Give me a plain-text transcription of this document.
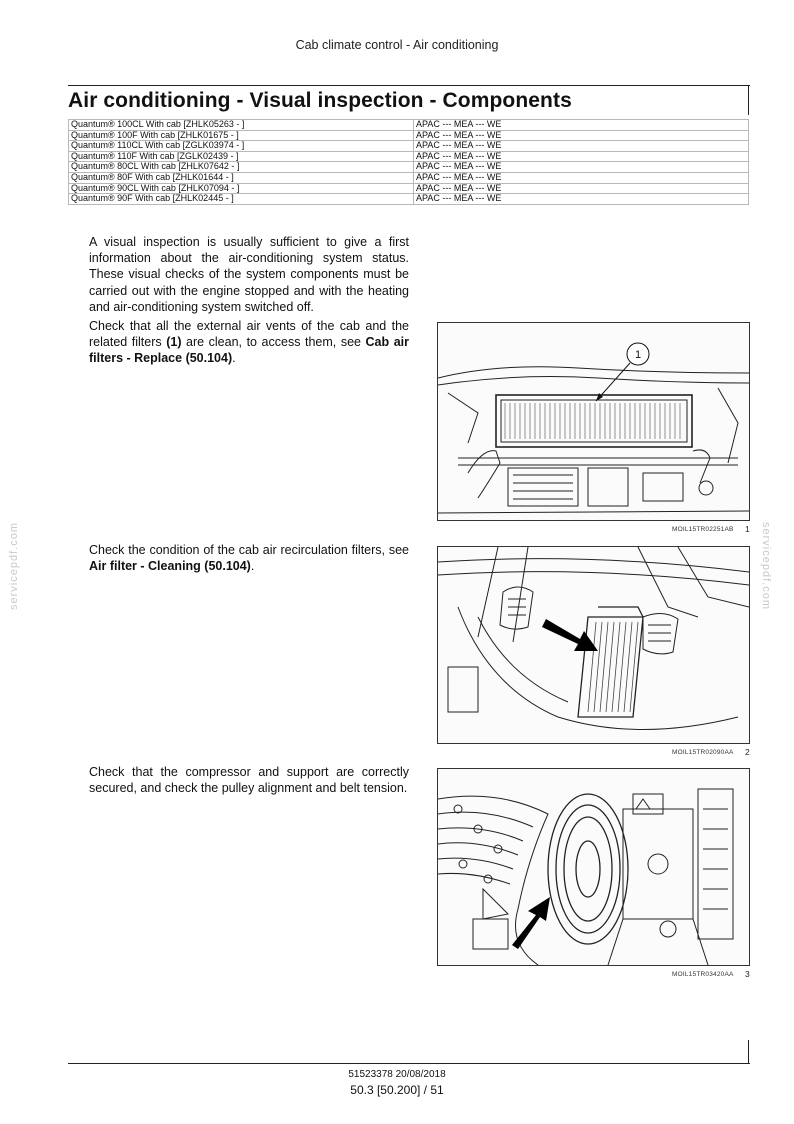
Cab climate control - Air conditioning
Air conditioning - Visual inspection - Components
Quantum® 100CL With cab [ZHLK05263 - ]	APAC --- MEA --- WE
Quantum® 100F With cab [ZHLK01675 - ]	APAC --- MEA --- WE
Quantum® 110CL With cab [ZGLK03974 - ]	APAC --- MEA --- WE
Quantum® 110F With cab [ZGLK02439 - ]	APAC --- MEA --- WE
Quantum® 80CL With cab [ZHLK07642 - ]	APAC --- MEA --- WE
Quantum® 80F With cab [ZHLK01644 - ]	APAC --- MEA --- WE
Quantum® 90CL With cab [ZHLK07094 - ]	APAC --- MEA --- WE
Quantum® 90F With cab [ZHLK02445 - ]	APAC --- MEA --- WE

A visual inspection is usually sufficient to give a first information about the air-conditioning system status. These visual checks of the system components must be carried out with the engine stopped and with the heating and air-conditioning system switched off.

Check that all the external air vents of the cab and the related filters (1) are clean, to access them, see Cab air filters - Replace (50.104).

Check the condition of the cab air recirculation filters, see Air filter - Cleaning (50.104).

Check that the compressor and support are correctly secured, and check the pulley alignment and belt tension.

1
MOIL15TR02251AB 1
MOIL15TR02090AA 2
MOIL15TR03420AA 3
servicepdf.com	servicepdf.com
51523378 20/08/2018
50.3 [50.200] / 51
